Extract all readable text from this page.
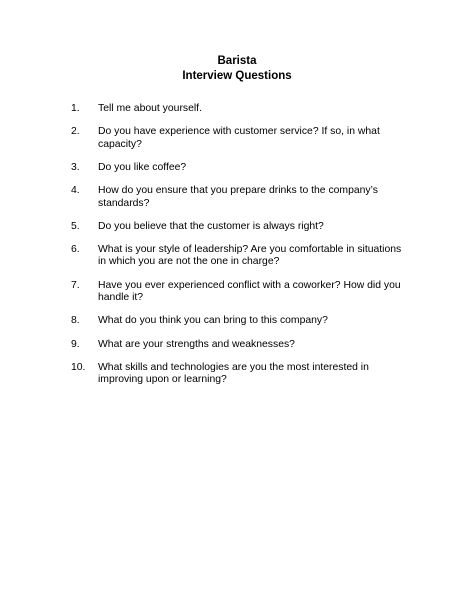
Barista
Interview Questions
1. Tell me about yourself.
2. Do you have experience with customer service? If so, in what capacity?
3. Do you like coffee?
4. How do you ensure that you prepare drinks to the company’s standards?
5. Do you believe that the customer is always right?
6. What is your style of leadership? Are you comfortable in situations in which you are not the one in charge?
7. Have you ever experienced conflict with a coworker? How did you handle it?
8. What do you think you can bring to this company?
9. What are your strengths and weaknesses?
10. What skills and technologies are you the most interested in improving upon or learning?
